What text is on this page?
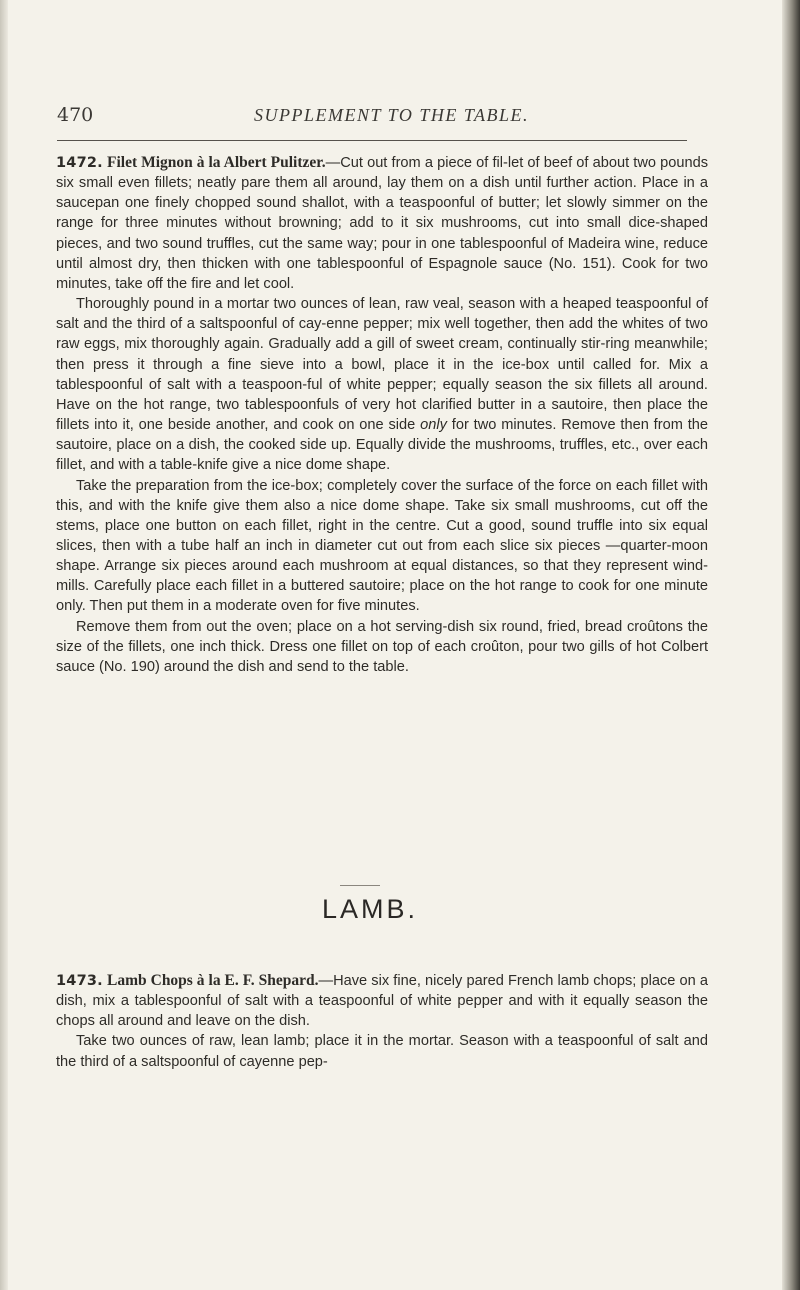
470	SUPPLEMENT TO THE TABLE.

1472. Filet Mignon à la Albert Pulitzer.—Cut out from a piece of fil-let of beef of about two pounds six small even fillets; neatly pare them all around, lay them on a dish until further action. Place in a saucepan one finely chopped sound shallot, with a teaspoonful of butter; let slowly simmer on the range for three minutes without browning; add to it six mushrooms, cut into small dice-shaped pieces, and two sound truffles, cut the same way; pour in one tablespoonful of Madeira wine, reduce until almost dry, then thicken with one tablespoonful of Espagnole sauce (No. 151). Cook for two minutes, take off the fire and let cool.

Thoroughly pound in a mortar two ounces of lean, raw veal, season with a heaped teaspoonful of salt and the third of a saltspoonful of cay-enne pepper; mix well together, then add the whites of two raw eggs, mix thoroughly again. Gradually add a gill of sweet cream, continually stir-ring meanwhile; then press it through a fine sieve into a bowl, place it in the ice-box until called for. Mix a tablespoonful of salt with a teaspoon-ful of white pepper; equally season the six fillets all around. Have on the hot range, two tablespoonfuls of very hot clarified butter in a sautoire, then place the fillets into it, one beside another, and cook on one side only for two minutes. Remove then from the sautoire, place on a dish, the cooked side up. Equally divide the mushrooms, truffles, etc., over each fillet, and with a table-knife give a nice dome shape.

Take the preparation from the ice-box; completely cover the surface of the force on each fillet with this, and with the knife give them also a nice dome shape. Take six small mushrooms, cut off the stems, place one button on each fillet, right in the centre. Cut a good, sound truffle into six equal slices, then with a tube half an inch in diameter cut out from each slice six pieces —quarter-moon shape. Arrange six pieces around each mushroom at equal distances, so that they represent wind-mills. Carefully place each fillet in a buttered sautoire; place on the hot range to cook for one minute only. Then put them in a moderate oven for five minutes.

Remove them from out the oven; place on a hot serving-dish six round, fried, bread croûtons the size of the fillets, one inch thick. Dress one fillet on top of each croûton, pour two gills of hot Colbert sauce (No. 190) around the dish and send to the table.

LAMB.

1473. Lamb Chops à la E. F. Shepard.—Have six fine, nicely pared French lamb chops; place on a dish, mix a tablespoonful of salt with a teaspoonful of white pepper and with it equally season the chops all around and leave on the dish.

Take two ounces of raw, lean lamb; place it in the mortar. Season with a teaspoonful of salt and the third of a saltspoonful of cayenne pep-
